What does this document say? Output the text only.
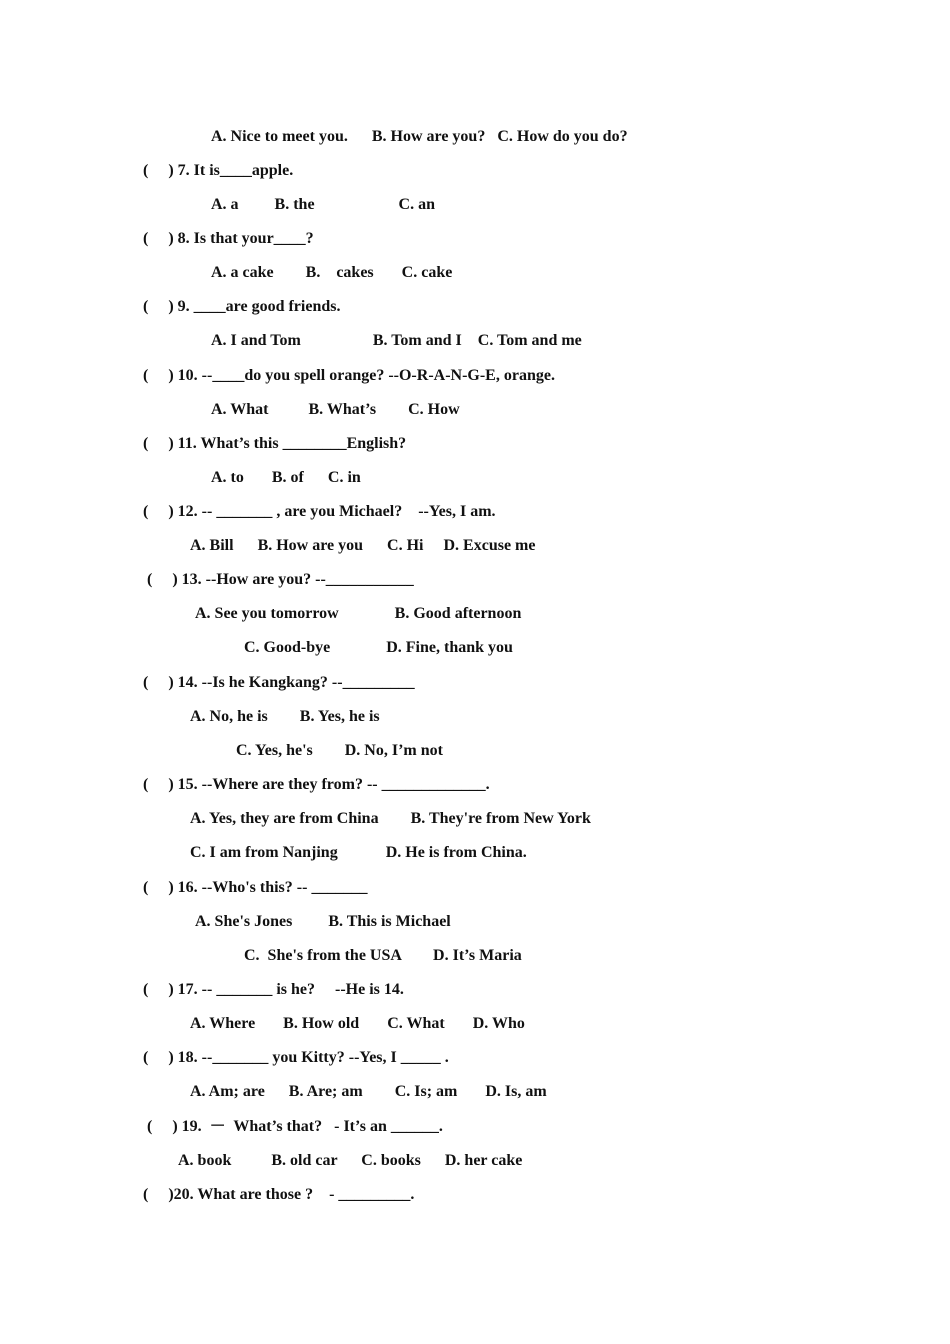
A. Nice to meet you.      B. How are you?   C. How do you do?
(     ) 7. It is____apple.
A. a         B. the                     C. an
(     ) 8. Is that your____?
A. a cake        B.    cakes       C. cake
(     ) 9. ____are good friends.
A. I and Tom                  B. Tom and I    C. Tom and me
(     ) 10. --____do you spell orange? --O-R-A-N-G-E, orange.
A. What          B. What’s        C. How
(     ) 11. What’s this ________English?
A. to       B. of      C. in
(     ) 12. -- _______ , are you Michael?    --Yes, I am.
A. Bill      B. How are you      C. Hi     D. Excuse me
(     ) 13. --How are you? --___________
A. See you tomorrow              B. Good afternoon
C. Good-bye              D. Fine, thank you
(     ) 14. --Is he Kangkang? --_________
A. No, he is        B. Yes, he is
C. Yes, he's        D. No, I’m not
(     ) 15. --Where are they from? -- _____________.
A. Yes, they are from China        B. They're from New York
C. I am from Nanjing            D. He is from China.
(     ) 16. --Who's this? -- _______
A. She's Jones         B. This is Michael
C.  She's from the USA        D. It’s Maria
(     ) 17. -- _______ is he?     --He is 14.
A. Where       B. How old       C. What       D. Who
(     ) 18. --_______ you Kitty? --Yes, I _____ .
A. Am; are      B. Are; am        C. Is; am       D. Is, am
(     ) 19.  －  What’s that?   - It’s an ______.
A. book          B. old car      C. books      D. her cake
(     )20. What are those ?    - _________.
